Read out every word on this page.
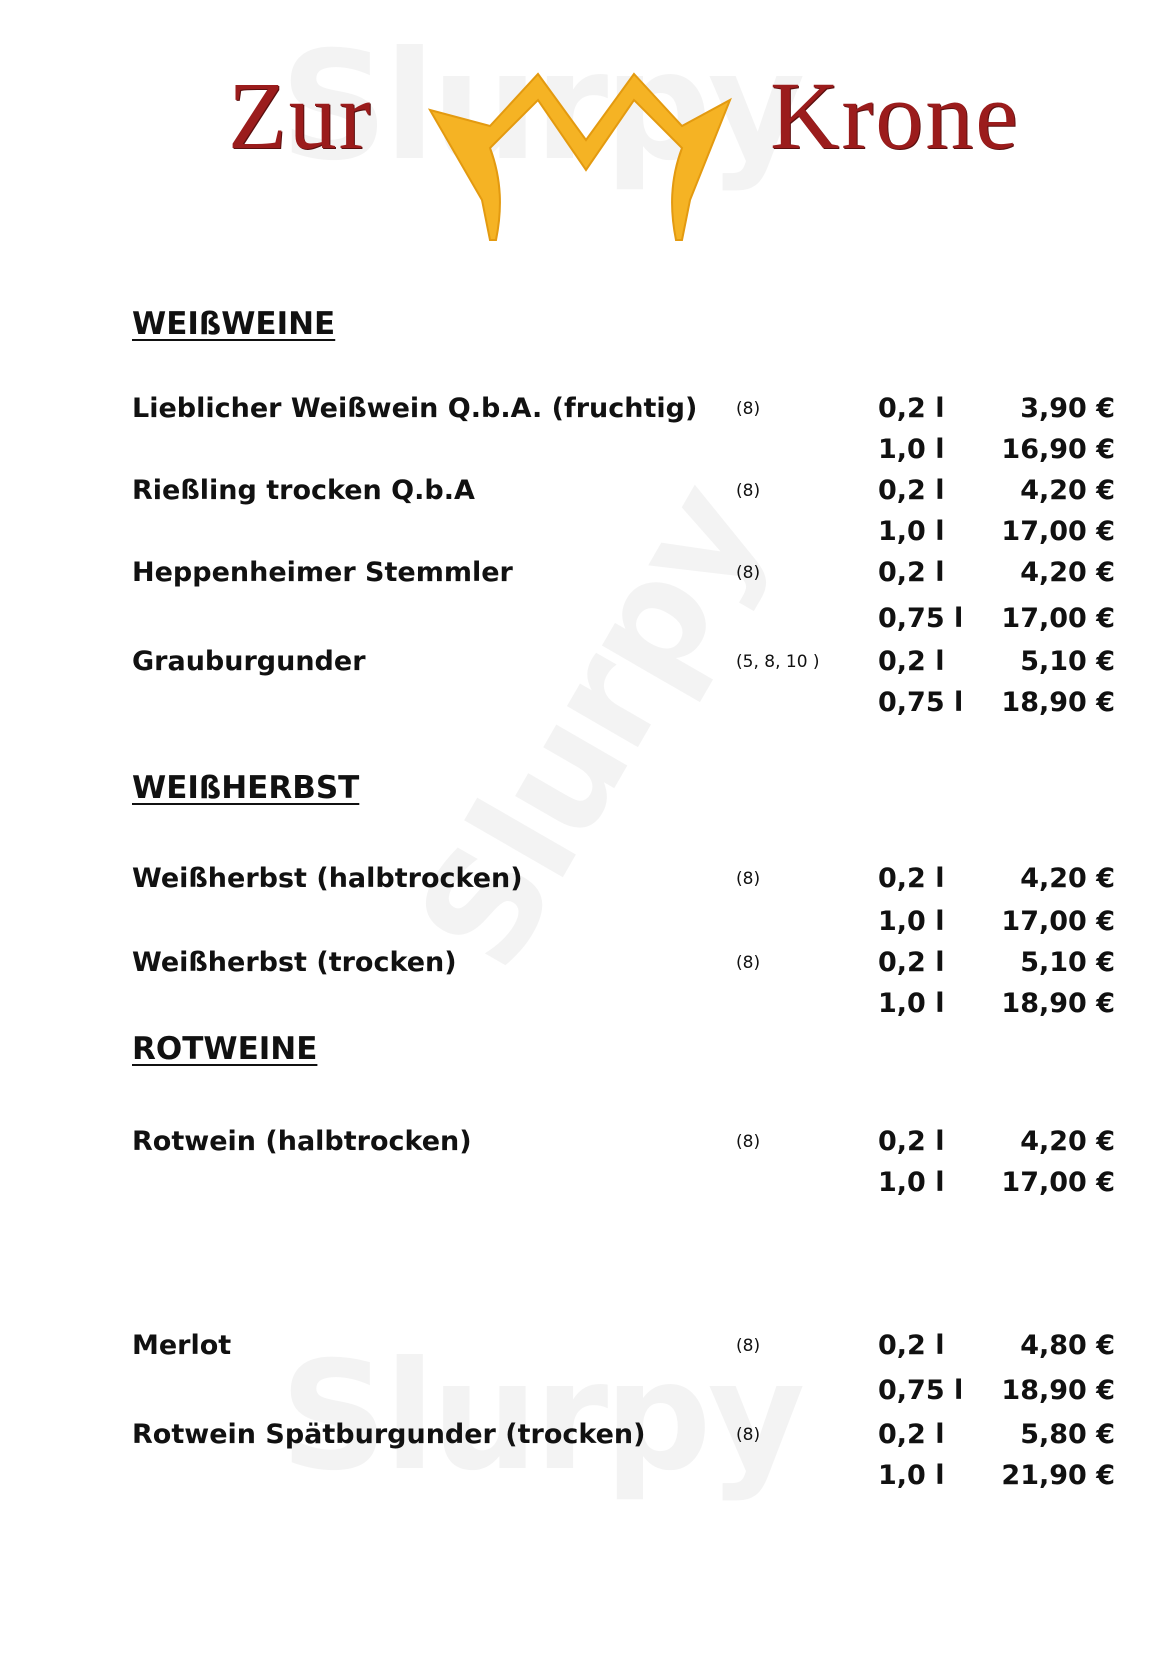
Zur	Krone
WEIßWEINE
Lieblicher Weißwein Q.b.A. (fruchtig) (8)	0,2 l	3,90 €
1,0 l 16,90 €
Rießling trocken Q.b.A	(8)	0,2 l	4,20 €
1,0 l 17,00 €
Heppenheimer Stemmler	(8)	0,2 l	4,20 €
0,75 l 17,00 €
Grauburgunder	(5, 8, 10 ) 0,2 l	5,10 €
0,75 l 18,90 €
WEIßHERBST
Weißherbst (halbtrocken)	(8)	0,2 l	4,20 €
1,0 l 17,00 €
Weißherbst (trocken)	(8)	0,2 l	5,10 €
1,0 l 18,90 €
ROTWEINE
Rotwein (halbtrocken)	(8)	0,2 l	4,20 €
1,0 l 17,00 €
Merlot	(8)	0,2 l	4,80 €
0,75 l 18,90 €
Rotwein Spätburgunder (trocken)	(8)	0,2 l	5,80 €
1,0 l 21,90 €
